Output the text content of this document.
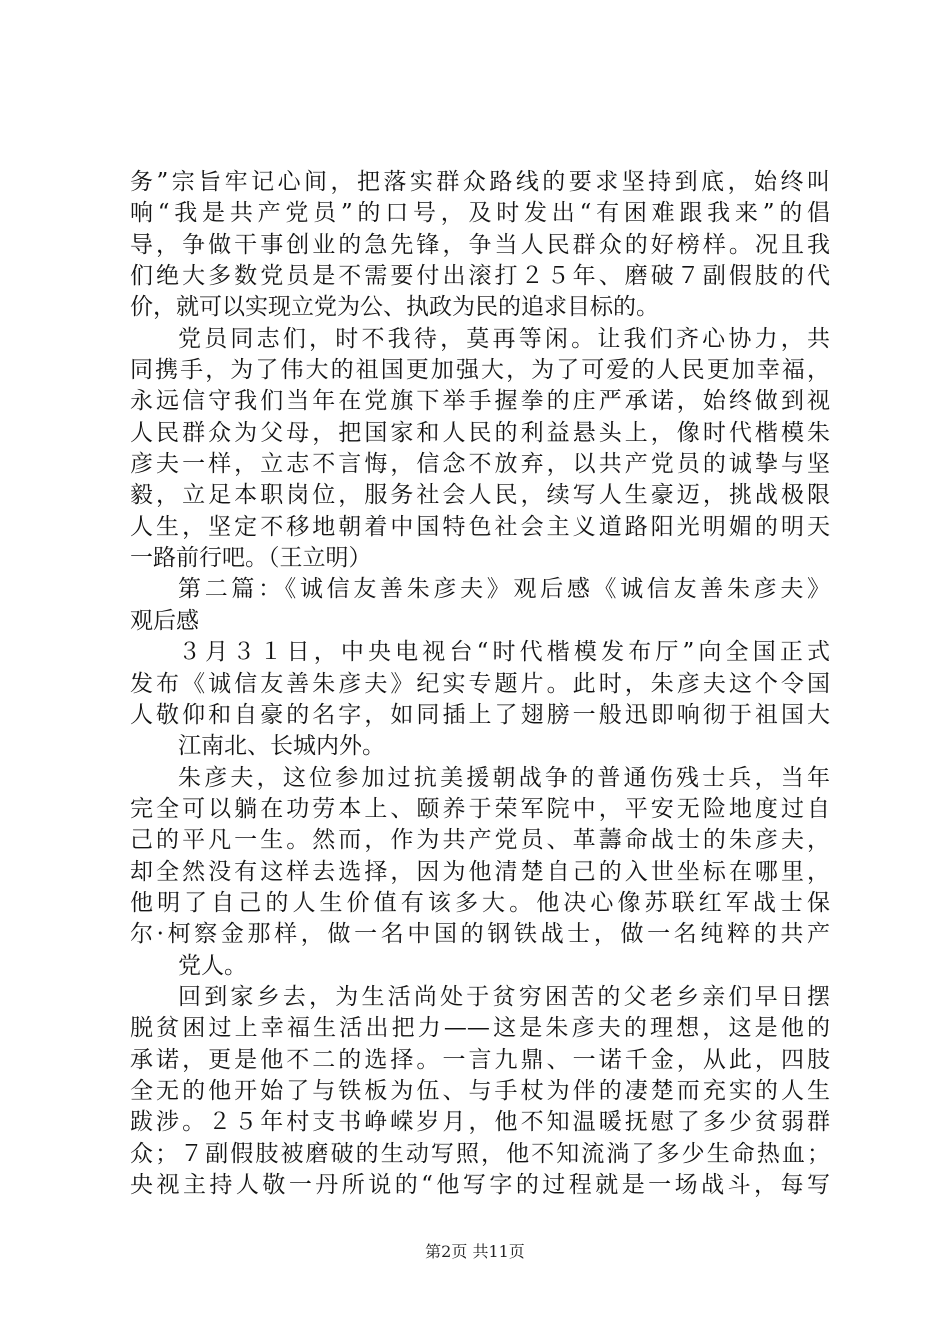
务”宗旨牢记心间，把落实群众路线的要求坚持到底，始终叫
响“我是共产党员”的口号，及时发出“有困难跟我来”的倡
导，争做干事创业的急先锋，争当人民群众的好榜样。况且我
们绝大多数党员是不需要付出滚打２５年、磨破７副假肢的代
价，就可以实现立党为公、执政为民的追求目标的。
党员同志们，时不我待，莫再等闲。让我们齐心协力，共
同携手，为了伟大的祖国更加强大，为了可爱的人民更加幸福，
永远信守我们当年在党旗下举手握拳的庄严承诺，始终做到视
人民群众为父母，把国家和人民的利益悬头上，像时代楷模朱
彦夫一样，立志不言悔，信念不放弃，以共产党员的诚挚与坚
毅，立足本职岗位，服务社会人民，续写人生豪迈，挑战极限
人生，坚定不移地朝着中国特色社会主义道路阳光明媚的明天
一路前行吧。（王立明）
第二篇：《诚信友善朱彦夫》观后感《诚信友善朱彦夫》
观后感
３月３１日，中央电视台“时代楷模发布厅”向全国正式
发布《诚信友善朱彦夫》纪实专题片。此时，朱彦夫这个令国
人敬仰和自豪的名字，如同插上了翅膀一般迅即响彻于祖国大
江南北、长城内外。
朱彦夫，这位参加过抗美援朝战争的普通伤残士兵，当年
完全可以躺在功劳本上、颐养于荣军院中，平安无险地度过自
己的平凡一生。然而，作为共产党员、革薵命战士的朱彦夫，
却全然没有这样去选择，因为他清楚自己的入世坐标在哪里，
他明了自己的人生价值有该多大。他决心像苏联红军战士保
尔·柯察金那样，做一名中国的钢铁战士，做一名纯粹的共产
党人。
回到家乡去，为生活尚处于贫穷困苦的父老乡亲们早日摆
脱贫困过上幸福生活出把力——这是朱彦夫的理想，这是他的
承诺，更是他不二的选择。一言九鼎、一诺千金，从此，四肢
全无的他开始了与铁板为伍、与手杖为伴的凄楚而充实的人生
跋涉。２５年村支书峥嵘岁月，他不知温暖抚慰了多少贫弱群
众；７副假肢被磨破的生动写照，他不知流淌了多少生命热血；
央视主持人敬一丹所说的“他写字的过程就是一场战斗，每写
第2页 共11页
